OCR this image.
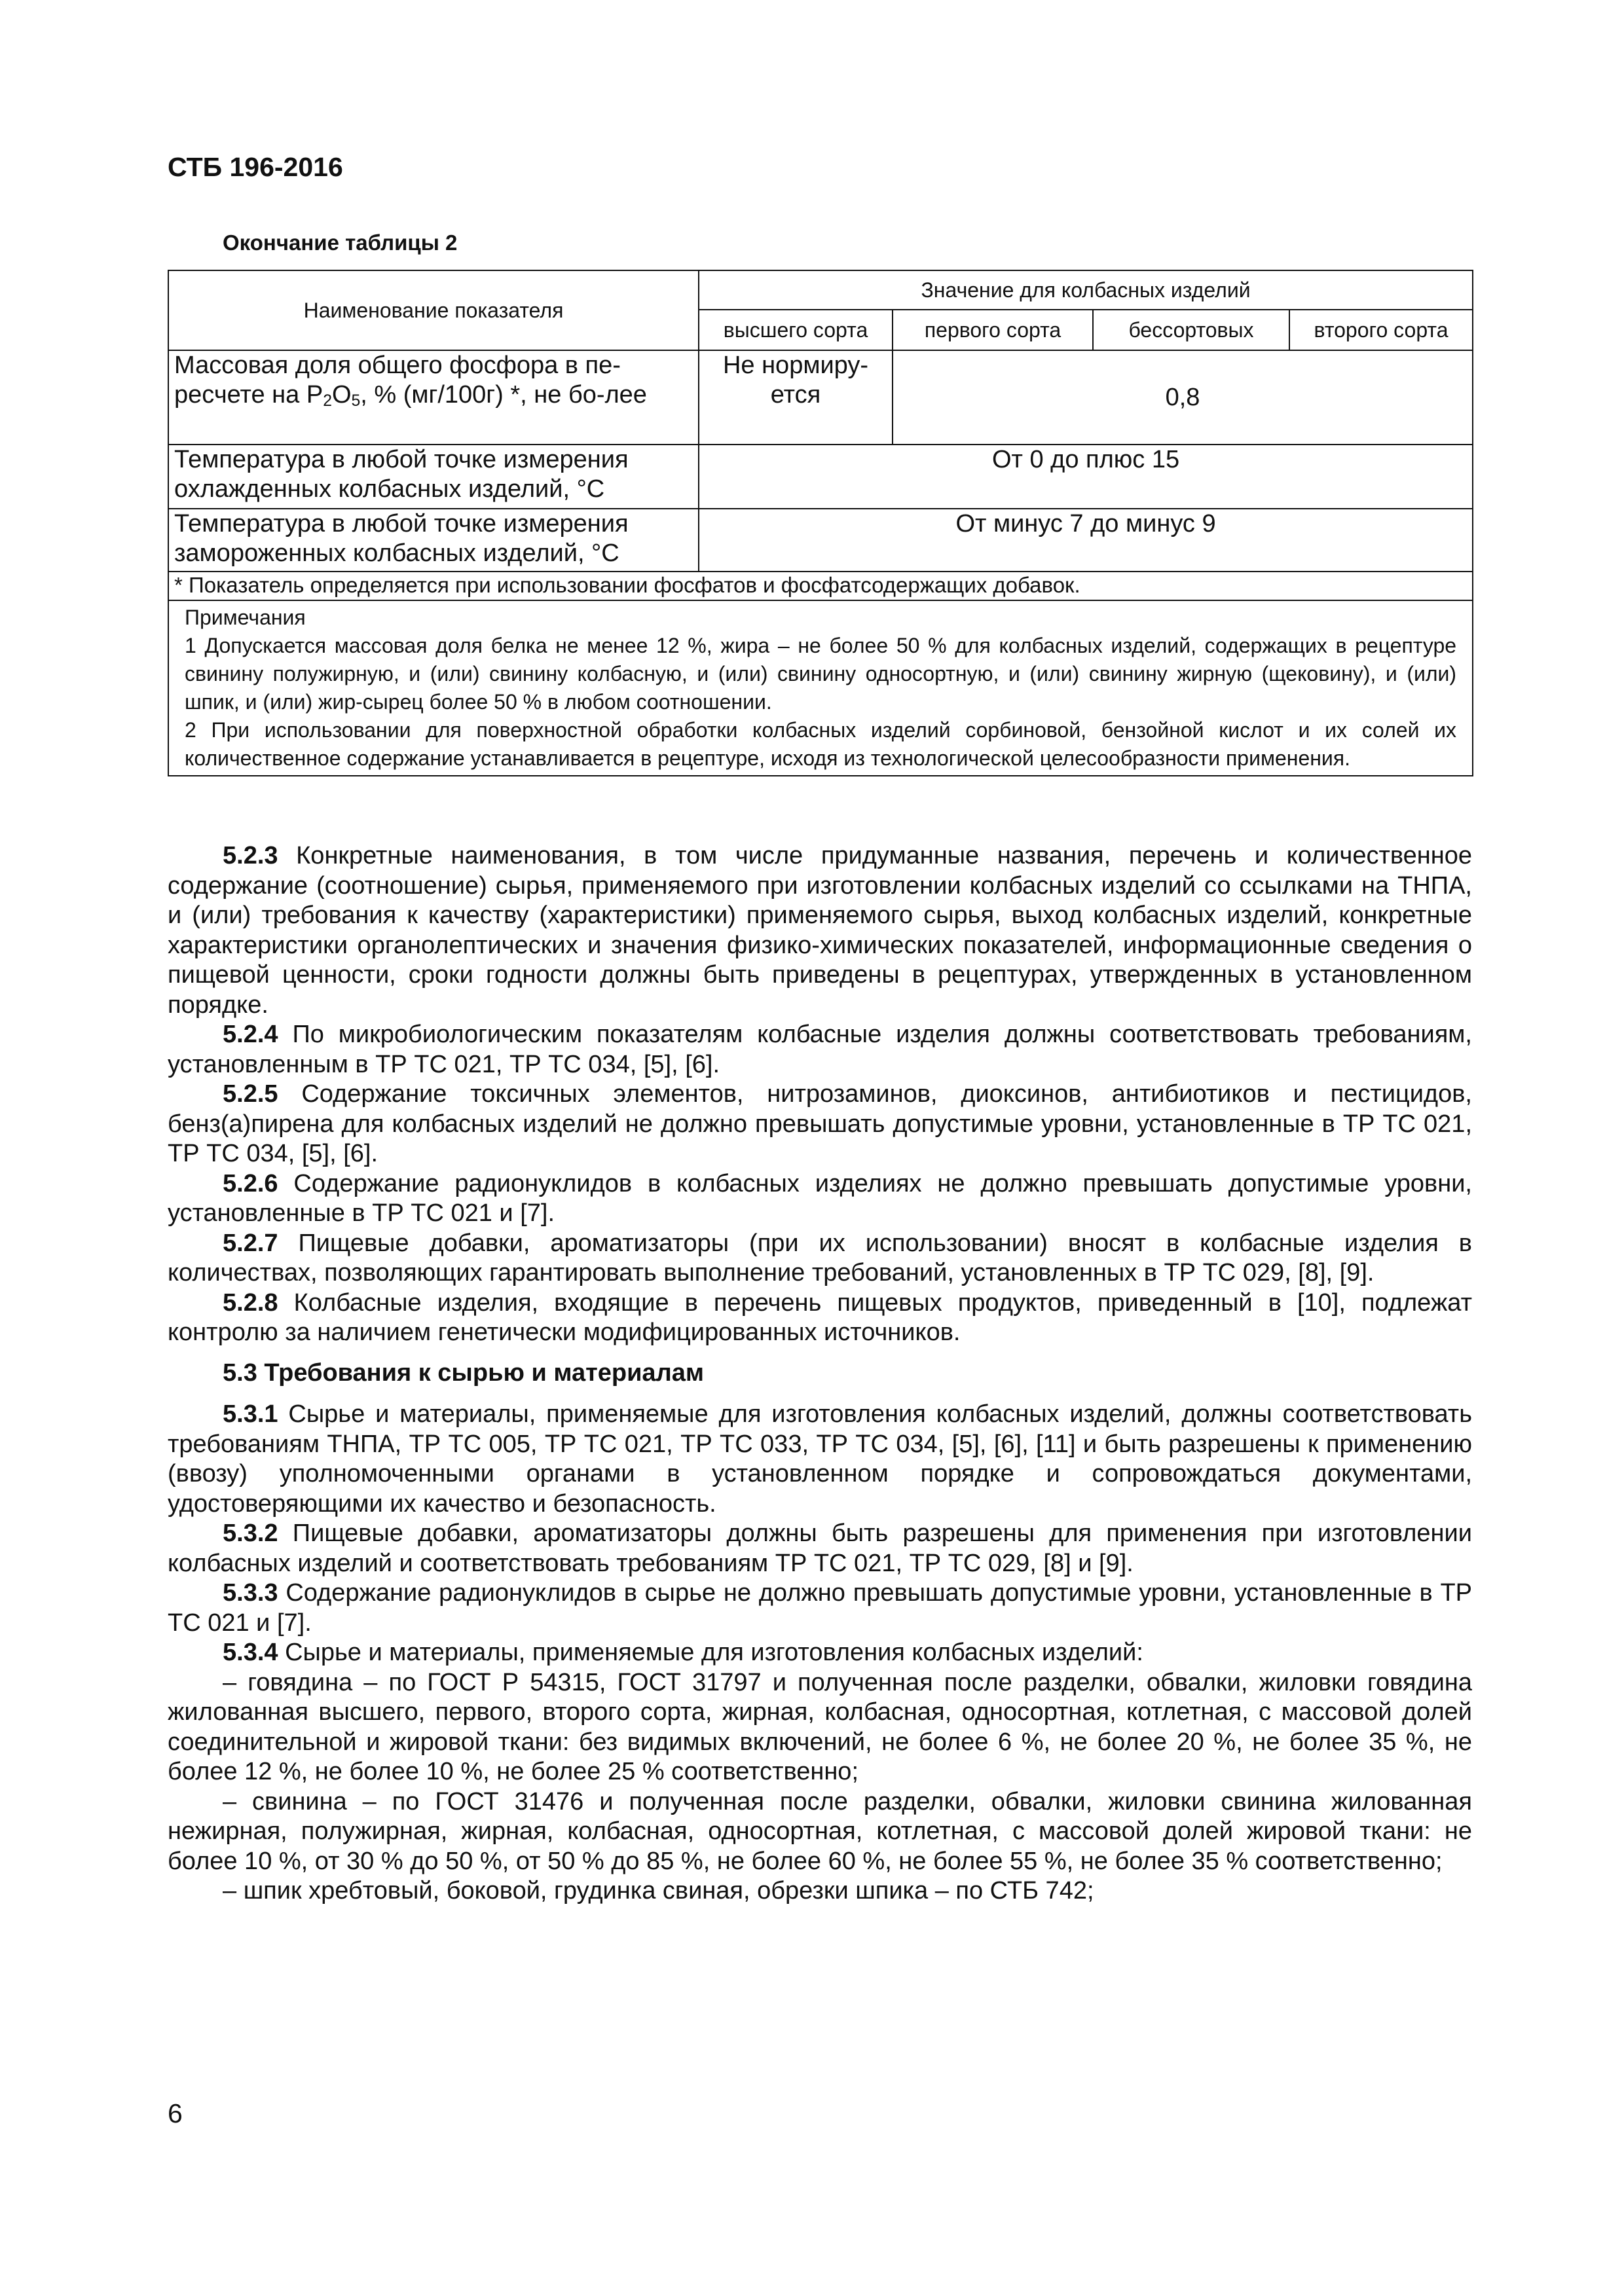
СТБ 196-2016
Окончание таблицы 2
Наименование показателя	Значение для колбасных изделий			
	высшего сорта	первого сорта	бессортовых	второго сорта
Массовая доля общего фосфора в пе-ресчете на $P_2O_5$, % (мг/100г) *, не бо-лее	Не нормиру-ется	0,8		
Температура в любой точке измерения охлажденных колбасных изделий, °C	От 0 до плюс 15			
Температура в любой точке измерения замороженных колбасных изделий, °C	От минус 7 до минус 9			
* Показатель определяется при использовании фосфатов и фосфатсодержащих добавок.				

Примечания

1 Допускается массовая доля белка не менее 12 %, жира – не более 50 % для колбасных изделий, содержащих в рецептуре свинину полужирную, и (или) свинину колбасную, и (или) свинину односортную, и (или) свинину жирную (щековину), и (или) шпик, и (или) жир-сырец более 50 % в любом соотношении.

2 При использовании для поверхностной обработки колбасных изделий сорбиновой, бензойной кислот и их солей их количественное содержание устанавливается в рецептуре, исходя из технологической целесообразности применения.				

5.2.3 Конкретные наименования, в том числе придуманные названия, перечень и количественное содержание (соотношение) сырья, применяемого при изготовлении колбасных изделий со ссылками на ТНПА, и (или) требования к качеству (характеристики) применяемого сырья, выход колбасных изделий, конкретные характеристики органолептических и значения физико-химических показателей, информационные сведения о пищевой ценности, сроки годности должны быть приведены в рецептурах, утвержденных в установленном порядке.

5.2.4 По микробиологическим показателям колбасные изделия должны соответствовать требованиям, установленным в ТР ТС 021, ТР ТС 034, [5], [6].

5.2.5 Содержание токсичных элементов, нитрозаминов, диоксинов, антибиотиков и пестицидов, бенз(а)пирена для колбасных изделий не должно превышать допустимые уровни, установленные в ТР ТС 021, ТР ТС 034, [5], [6].

5.2.6 Содержание радионуклидов в колбасных изделиях не должно превышать допустимые уровни, установленные в ТР ТС 021 и [7].

5.2.7 Пищевые добавки, ароматизаторы (при их использовании) вносят в колбасные изделия в количествах, позволяющих гарантировать выполнение требований, установленных в ТР ТС 029, [8], [9].

5.2.8 Колбасные изделия, входящие в перечень пищевых продуктов, приведенный в [10], подлежат контролю за наличием генетически модифицированных источников.

5.3 Требования к сырью и материалам

5.3.1 Сырье и материалы, применяемые для изготовления колбасных изделий, должны соответствовать требованиям ТНПА, ТР ТС 005, ТР ТС 021, ТР ТС 033, ТР ТС 034, [5], [6], [11] и быть разрешены к применению (ввозу) уполномоченными органами в установленном порядке и сопровождаться документами, удостоверяющими их качество и безопасность.

5.3.2 Пищевые добавки, ароматизаторы должны быть разрешены для применения при изготовлении колбасных изделий и соответствовать требованиям ТР ТС 021, ТР ТС 029, [8] и [9].

5.3.3 Содержание радионуклидов в сырье не должно превышать допустимые уровни, установленные в ТР ТС 021 и [7].

5.3.4 Сырье и материалы, применяемые для изготовления колбасных изделий:

– говядина – по ГОСТ Р 54315, ГОСТ 31797 и полученная после разделки, обвалки, жиловки говядина жилованная высшего, первого, второго сорта, жирная, колбасная, односортная, котлетная, с массовой долей соединительной и жировой ткани: без видимых включений, не более 6 %, не более 20 %, не более 35 %, не более 12 %, не более 10 %, не более 25 % соответственно;

– свинина – по ГОСТ 31476 и полученная после разделки, обвалки, жиловки свинина жилованная нежирная, полужирная, жирная, колбасная, односортная, котлетная, с массовой долей жировой ткани: не более 10 %, от 30 % до 50 %, от 50 % до 85 %, не более 60 %, не более 55 %, не более 35 % соответственно;

– шпик хребтовый, боковой, грудинка свиная, обрезки шпика – по СТБ 742;

6
